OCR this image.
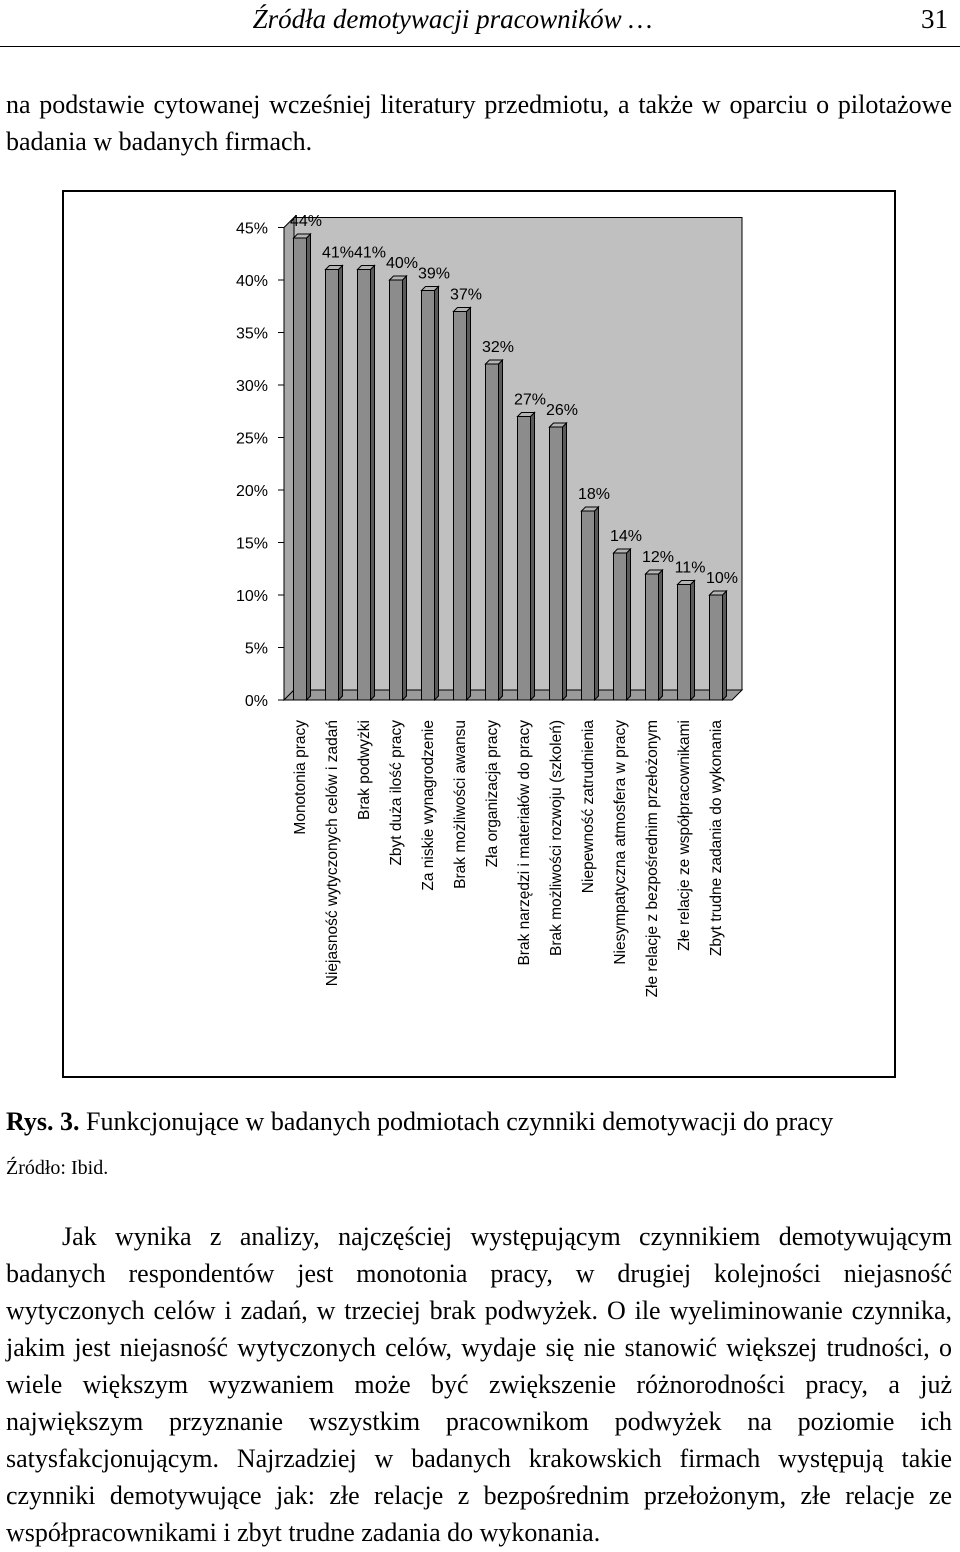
Źródła demotywacji pracowników …	31
na podstawie cytowanej wcześniej literatury przedmiotu, a także w oparciu o pilotażowe badania w badanych firmach.
0%
5%
10%
15%
20%
25%
30%
35%
40%
45% 44%
Monotonia pracy
41%
Niejasność wytyczonych celów i zadań
41%
Brak podwyżki
40%
Zbyt duża ilość pracy
39%
Za niskie wynagrodzenie
37%
Brak możliwości awansu
32%
Zła organizacja pracy
27%
Brak narzędzi i materiałów do pracy
26%
Brak możliwości rozwoju (szkoleń)
18%
Niepewność zatrudnienia
14%
Niesympatyczna atmosfera w pracy
12%
Złe relacje z bezpośrednim przełożonym
11%
Złe relacje ze współpracownikami
10%
Zbyt trudne zadania do wykonania
Rys. 3. Funkcjonujące w badanych podmiotach czynniki demotywacji do pracy
Źródło: Ibid.
Jak wynika z analizy, najczęściej występującym czynnikiem demotywującym badanych respondentów jest monotonia pracy, w drugiej kolejności niejasność wytyczonych celów i zadań, w trzeciej brak podwyżek. O ile wyeliminowanie czynnika, jakim jest niejasność wytyczonych celów, wydaje się nie stanowić większej trudności, o wiele większym wyzwaniem może być zwiększenie różnorodności pracy, a już największym przyznanie wszystkim pracownikom podwyżek na poziomie ich satysfakcjonującym. Najrzadziej w badanych krakowskich firmach występują takie czynniki demotywujące jak: złe relacje z bezpośrednim przełożonym, złe relacje ze współpracownikami i zbyt trudne zadania do wykonania.
